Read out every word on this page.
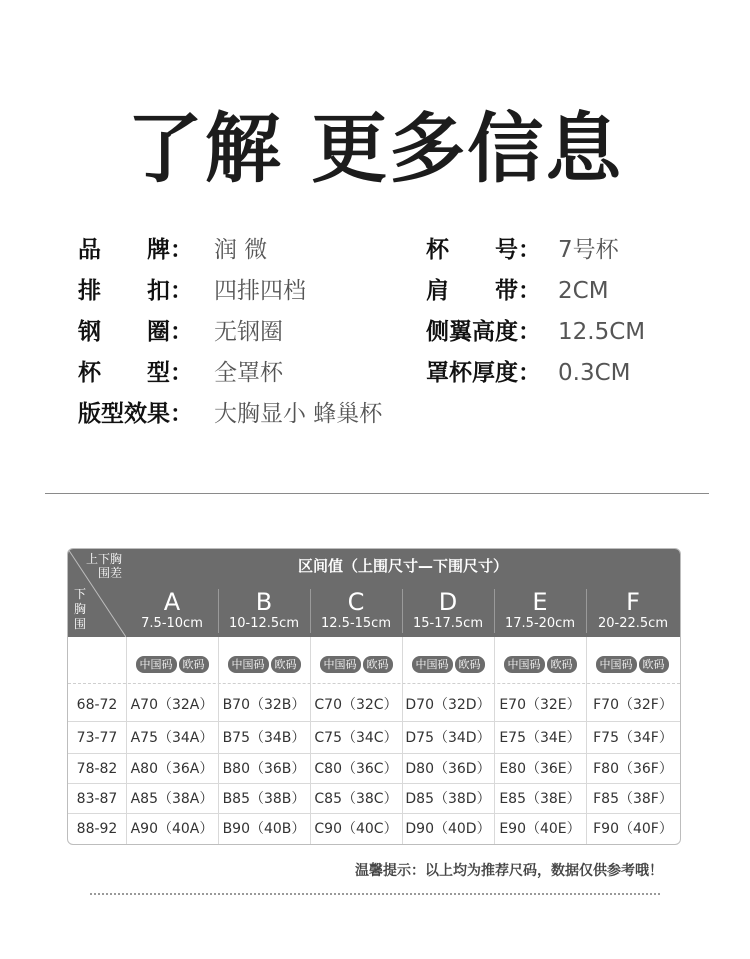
了解 更多信息
品　　牌： 润 微
排　　扣： 四排四档
钢　　圈： 无钢圈
杯　　型： 全罩杯
版型效果： 大胸显小 蜂巢杯
杯　　号： 7号杯
肩　　带： 2CM
侧翼高度： 12.5CM
罩杯厚度： 0.3CM
上下胸围差
下胸围
区间值（上围尺寸—下围尺寸）
A
7.5-10cm
B
10-12.5cm
C
12.5-15cm
D
15-17.5cm
E
17.5-20cm
F
20-22.5cm
中国码 欧码	中国码 欧码	中国码 欧码	中国码 欧码	中国码 欧码	中国码 欧码
68-72 A70（32A） B70（32B） C70（32C） D70（32D） E70（32E） F70（32F）
73-77 A75（34A） B75（34B） C75（34C） D75（34D） E75（34E） F75（34F）
78-82 A80（36A） B80（36B） C80（36C） D80（36D） E80（36E） F80（36F）
83-87 A85（38A） B85（38B） C85（38C） D85（38D） E85（38E） F85（38F）
88-92 A90（40A） B90（40B） C90（40C） D90（40D） E90（40E） F90（40F）
温馨提示：以上均为推荐尺码，数据仅供参考哦！
